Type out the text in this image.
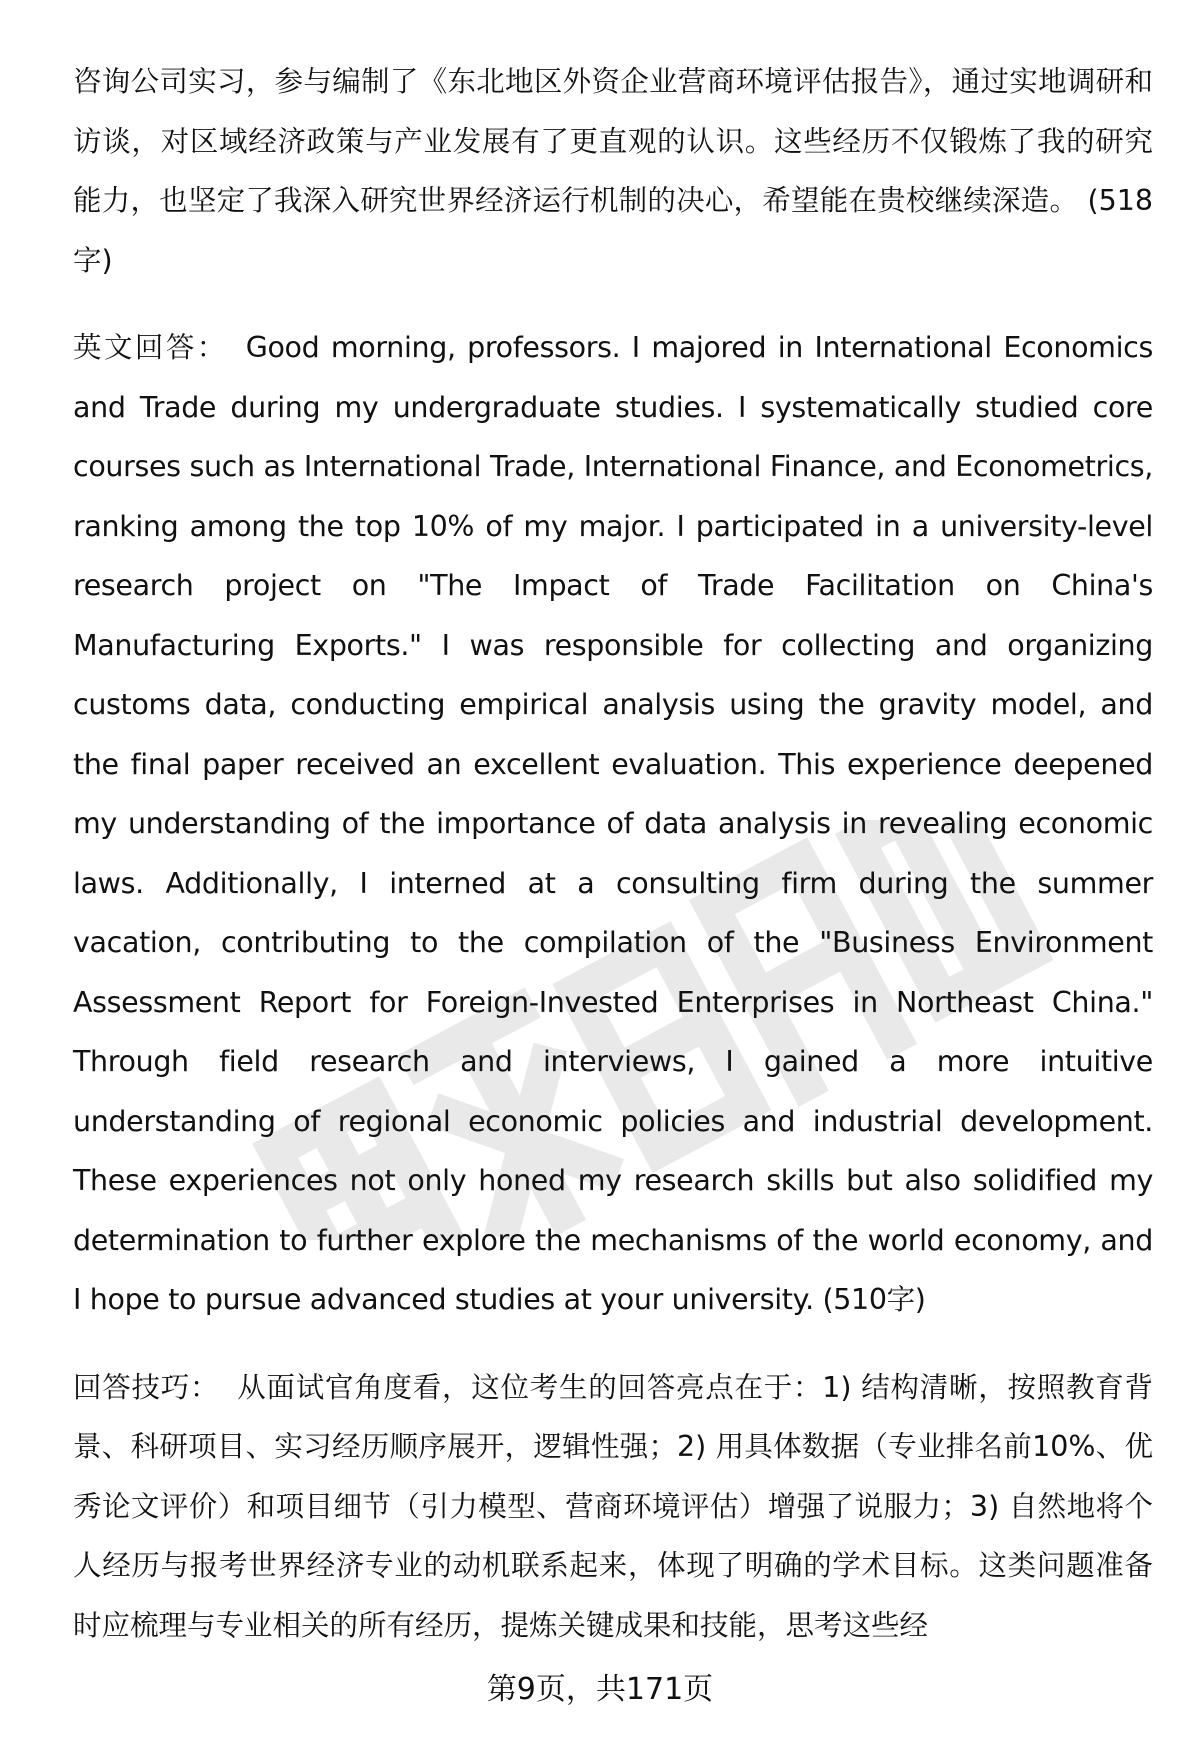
咨询公司实习，参与编制了《东北地区外资企业营商环境评估报告》，通过实地调研和访谈，对区域经济政策与产业发展有了更直观的认识。这些经历不仅锻炼了我的研究能力，也坚定了我深入研究世界经济运行机制的决心，希望能在贵校继续深造。 (518字)

英文回答： Good morning, professors. I majored in International Economics and Trade during my undergraduate studies. I systematically studied core courses such as International Trade, International Finance, and Econometrics, ranking among the top 10% of my major. I participated in a university-level research project on "The Impact of Trade Facilitation on China's Manufacturing Exports." I was responsible for collecting and organizing customs data, conducting empirical analysis using the gravity model, and the final paper received an excellent evaluation. This experience deepened my understanding of the importance of data analysis in revealing economic laws. Additionally, I interned at a consulting firm during the summer vacation, contributing to the compilation of the "Business Environment Assessment Report for Foreign-Invested Enterprises in Northeast China." Through field research and interviews, I gained a more intuitive understanding of regional economic policies and industrial development. These experiences not only honed my research skills but also solidified my determination to further explore the mechanisms of the world economy, and I hope to pursue advanced studies at your university. (510字)

回答技巧： 从面试官角度看，这位考生的回答亮点在于：1) 结构清晰，按照教育背景、科研项目、实习经历顺序展开，逻辑性强；2) 用具体数据（专业排名前10%、优秀论文评价）和项目细节（引力模型、营商环境评估）增强了说服力；3) 自然地将个人经历与报考世界经济专业的动机联系起来，体现了明确的学术目标。这类问题准备时应梳理与专业相关的所有经历，提炼关键成果和技能，思考这些经

第9页，共171页
